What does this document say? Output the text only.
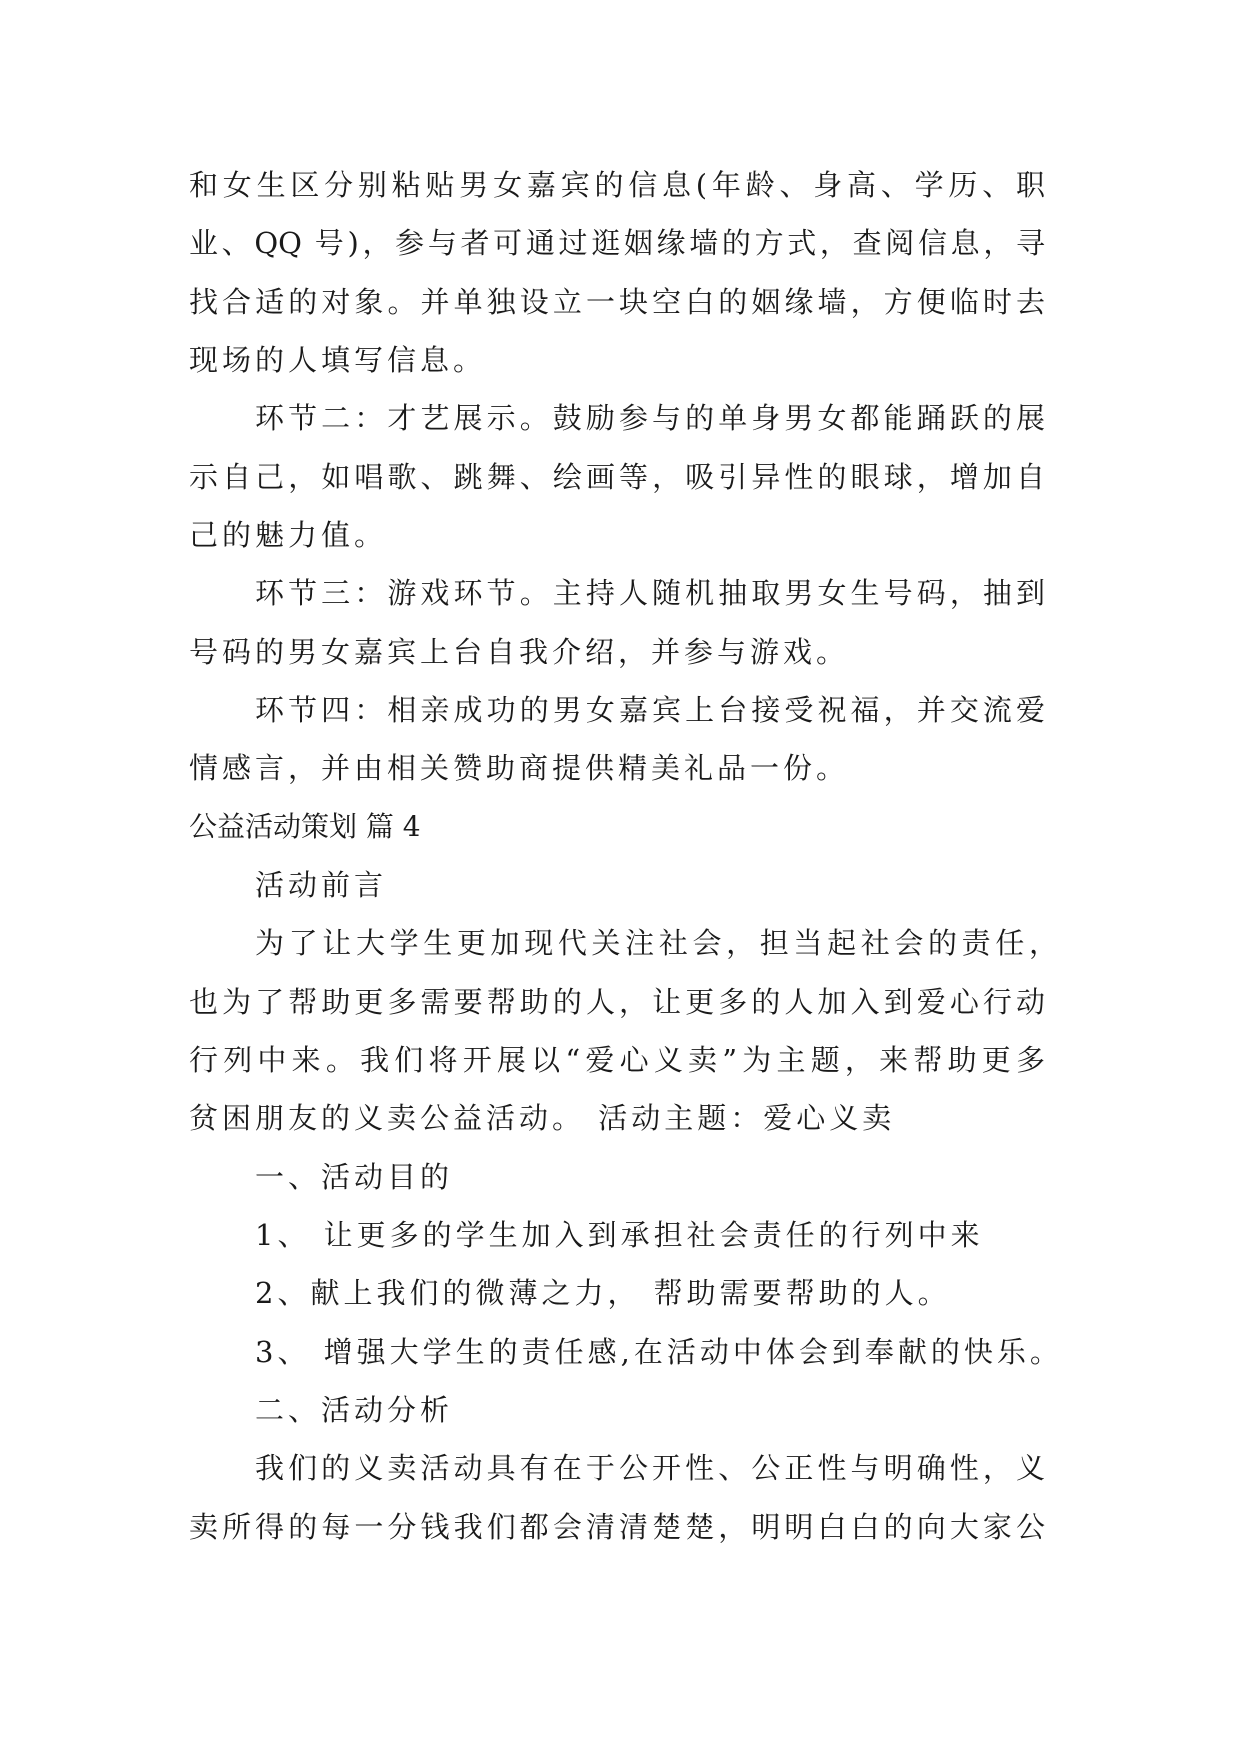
和女生区分别粘贴男女嘉宾的信息(年龄、身高、学历、职
业、QQ 号)，参与者可通过逛姻缘墙的方式，查阅信息，寻
找合适的对象。并单独设立一块空白的姻缘墙，方便临时去
现场的人填写信息。
环节二：才艺展示。鼓励参与的单身男女都能踊跃的展
示自己，如唱歌、跳舞、绘画等，吸引异性的眼球，增加自
己的魅力值。
环节三：游戏环节。主持人随机抽取男女生号码，抽到
号码的男女嘉宾上台自我介绍，并参与游戏。
环节四：相亲成功的男女嘉宾上台接受祝福，并交流爱
情感言，并由相关赞助商提供精美礼品一份。
公益活动策划 篇 4
活动前言
为了让大学生更加现代关注社会，担当起社会的责任，
也为了帮助更多需要帮助的人，让更多的人加入到爱心行动
行列中来。我们将开展以“爱心义卖”为主题，来帮助更多
贫困朋友的义卖公益活动。 活动主题：爱心义卖
一、活动目的
1、 让更多的学生加入到承担社会责任的行列中来
2、献上我们的微薄之力， 帮助需要帮助的人。
3、 增强大学生的责任感,在活动中体会到奉献的快乐。
二、活动分析
我们的义卖活动具有在于公开性、公正性与明确性，义
卖所得的每一分钱我们都会清清楚楚，明明白白的向大家公
